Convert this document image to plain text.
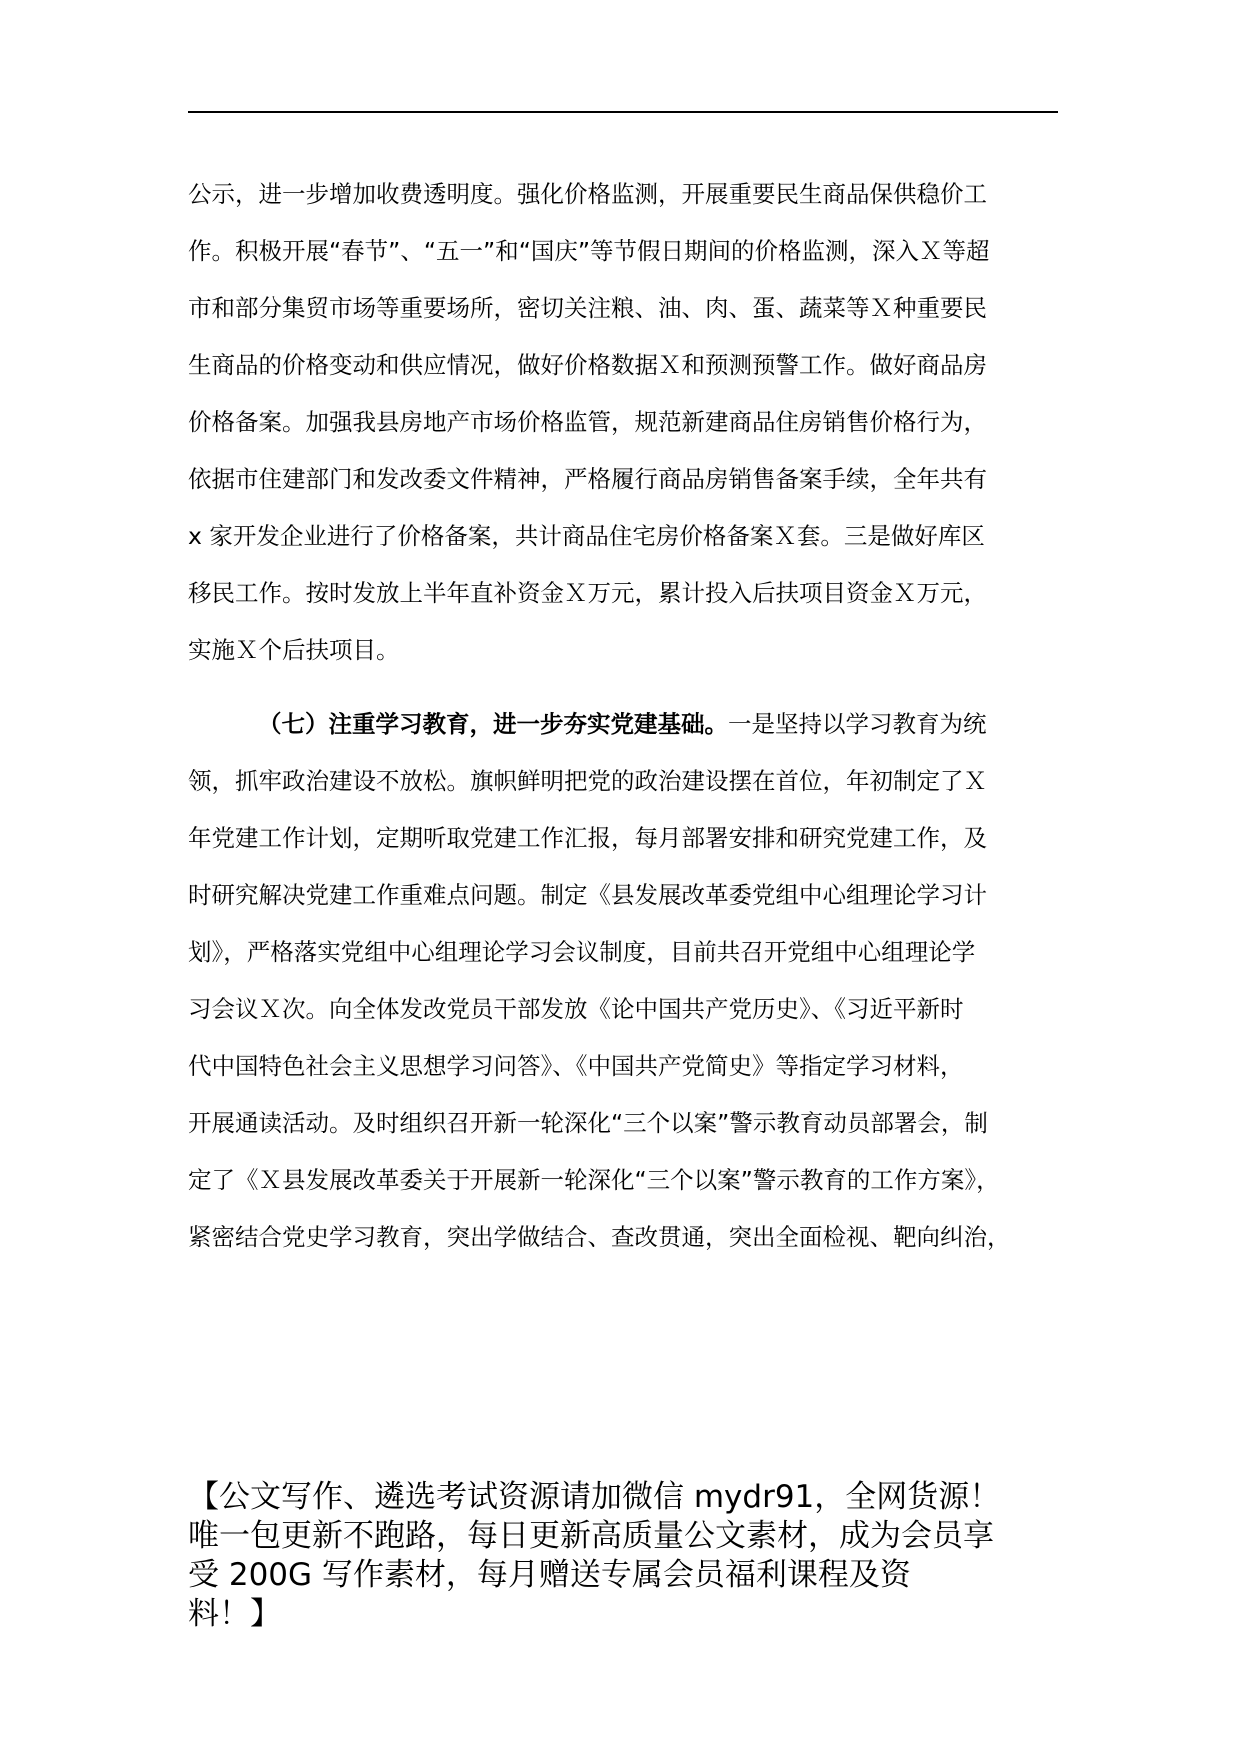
公示，进一步增加收费透明度。强化价格监测，开展重要民生商品保供稳价工
作。积极开展“春节”、“五一”和“国庆”等节假日期间的价格监测，深入Ｘ等超
市和部分集贸市场等重要场所，密切关注粮、油、肉、蛋、蔬菜等Ｘ种重要民
生商品的价格变动和供应情况，做好价格数据Ｘ和预测预警工作。做好商品房
价格备案。加强我县房地产市场价格监管，规范新建商品住房销售价格行为，
依据市住建部门和发改委文件精神，严格履行商品房销售备案手续，全年共有
x 家开发企业进行了价格备案，共计商品住宅房价格备案Ｘ套。三是做好库区
移民工作。按时发放上半年直补资金Ｘ万元，累计投入后扶项目资金Ｘ万元，
实施Ｘ个后扶项目。
（七）注重学习教育，进一步夯实党建基础。一是坚持以学习教育为统
领，抓牢政治建设不放松。旗帜鲜明把党的政治建设摆在首位，年初制定了Ｘ
年党建工作计划，定期听取党建工作汇报，每月部署安排和研究党建工作，及
时研究解决党建工作重难点问题。制定《县发展改革委党组中心组理论学习计
划》，严格落实党组中心组理论学习会议制度，目前共召开党组中心组理论学
习会议Ｘ次。向全体发改党员干部发放《论中国共产党历史》、《习近平新时
代中国特色社会主义思想学习问答》、《中国共产党简史》等指定学习材料，
开展通读活动。及时组织召开新一轮深化“三个以案”警示教育动员部署会，制
定了《Ｘ县发展改革委关于开展新一轮深化“三个以案”警示教育的工作方案》，
紧密结合党史学习教育，突出学做结合、查改贯通，突出全面检视、靶向纠治，
【公文写作、遴选考试资源请加微信 mydr91，全网货源！
唯一包更新不跑路，每日更新高质量公文素材，成为会员享
受 200G 写作素材，每月赠送专属会员福利课程及资
料！】
